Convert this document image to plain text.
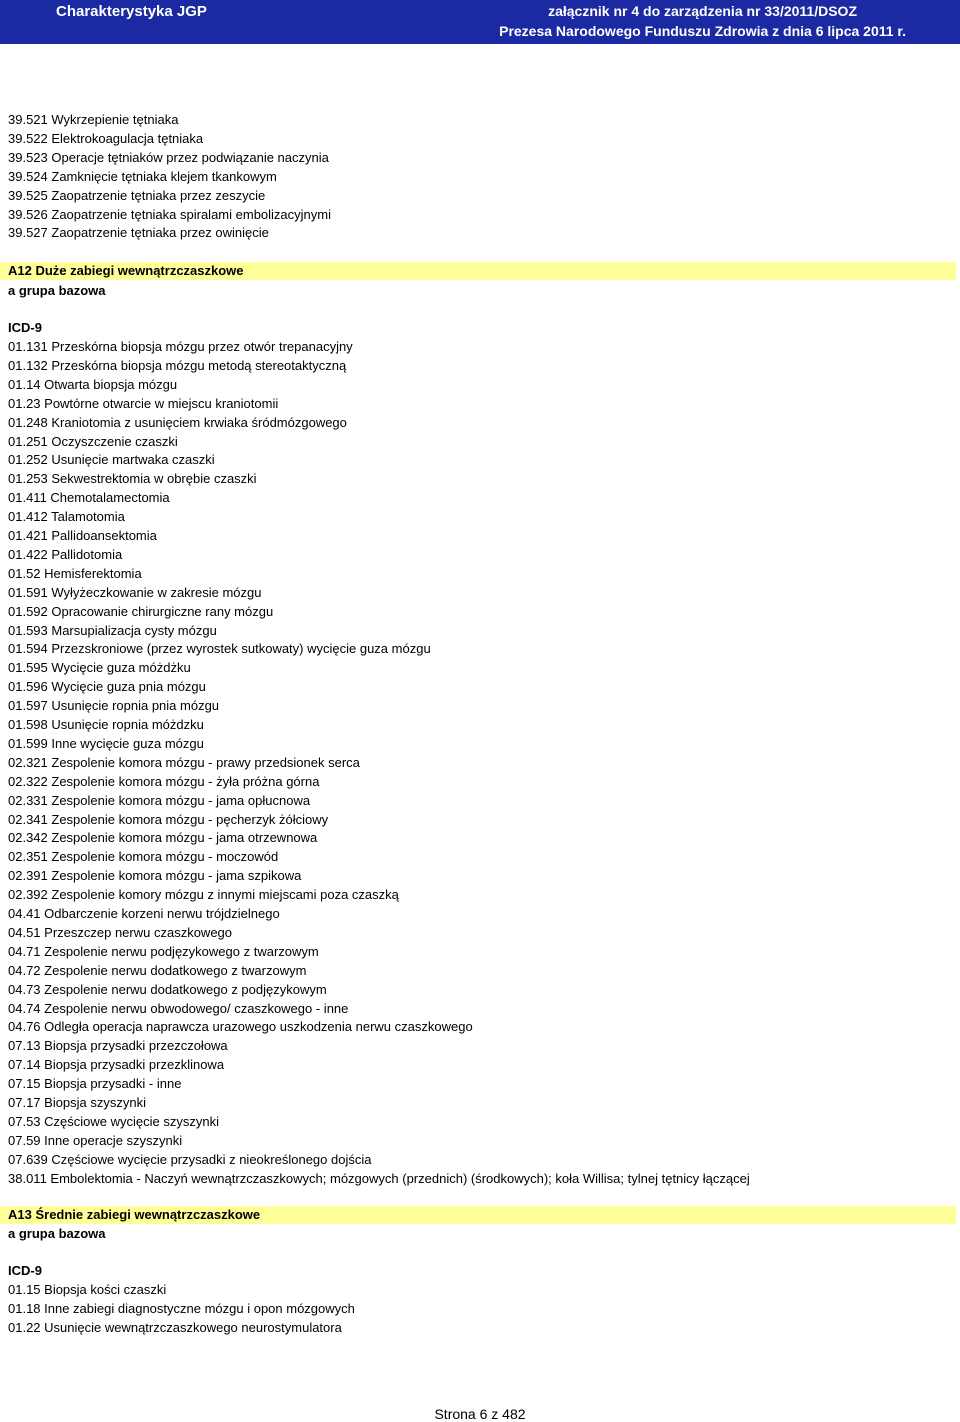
Charakterystyka JGP	załącznik nr 4 do zarządzenia nr 33/2011/DSOZ
Prezesa Narodowego Funduszu Zdrowia z dnia 6 lipca 2011 r.
39.521 Wykrzepienie tętniaka
39.522 Elektrokoagulacja tętniaka
39.523 Operacje tętniaków przez podwiązanie naczynia
39.524 Zamknięcie tętniaka klejem tkankowym
39.525 Zaopatrzenie tętniaka przez zeszycie
39.526 Zaopatrzenie tętniaka spiralami embolizacyjnymi
39.527 Zaopatrzenie tętniaka przez owinięcie
A12 Duże zabiegi wewnątrzczaszkowe
a grupa bazowa
ICD-9
01.131 Przeskórna biopsja mózgu przez otwór trepanacyjny
01.132 Przeskórna biopsja mózgu metodą stereotaktyczną
01.14 Otwarta biopsja mózgu
01.23 Powtórne otwarcie w miejscu kraniotomii
01.248 Kraniotomia z usunięciem krwiaka śródmózgowego
01.251 Oczyszczenie czaszki
01.252 Usunięcie martwaka czaszki
01.253 Sekwestrektomia w obrębie czaszki
01.411 Chemotalamectomia
01.412 Talamotomia
01.421 Pallidoansektomia
01.422 Pallidotomia
01.52 Hemisferektomia
01.591 Wyłyżeczkowanie w zakresie mózgu
01.592 Opracowanie chirurgiczne rany mózgu
01.593 Marsupializacja cysty mózgu
01.594 Przezskroniowe (przez wyrostek sutkowaty) wycięcie guza mózgu
01.595 Wycięcie guza móżdżku
01.596 Wycięcie guza pnia mózgu
01.597 Usunięcie ropnia pnia mózgu
01.598 Usunięcie ropnia móżdzku
01.599 Inne wycięcie guza mózgu
02.321 Zespolenie komora mózgu - prawy przedsionek serca
02.322 Zespolenie komora mózgu - żyła próżna górna
02.331 Zespolenie komora mózgu - jama opłucnowa
02.341 Zespolenie komora mózgu - pęcherzyk żółciowy
02.342 Zespolenie komora mózgu - jama otrzewnowa
02.351 Zespolenie komora mózgu - moczowód
02.391 Zespolenie komora mózgu - jama szpikowa
02.392 Zespolenie komory mózgu z innymi miejscami poza czaszką
04.41 Odbarczenie korzeni nerwu trójdzielnego
04.51 Przeszczep nerwu czaszkowego
04.71 Zespolenie nerwu podjęzykowego z twarzowym
04.72 Zespolenie nerwu dodatkowego z twarzowym
04.73 Zespolenie nerwu dodatkowego z podjęzykowym
04.74 Zespolenie nerwu obwodowego/ czaszkowego - inne
04.76 Odległa operacja naprawcza urazowego uszkodzenia nerwu czaszkowego
07.13 Biopsja przysadki przezczołowa
07.14 Biopsja przysadki przezklinowa
07.15 Biopsja przysadki - inne
07.17 Biopsja szyszynki
07.53 Częściowe wycięcie szyszynki
07.59 Inne operacje szyszynki
07.639 Częściowe wycięcie przysadki z nieokreślonego dojścia
38.011 Embolektomia - Naczyń wewnątrzczaszkowych; mózgowych (przednich) (środkowych); koła Willisa; tylnej tętnicy łączącej
A13 Średnie zabiegi wewnątrzczaszkowe
a grupa bazowa
ICD-9
01.15 Biopsja kości czaszki
01.18 Inne zabiegi diagnostyczne mózgu i opon mózgowych
01.22 Usunięcie wewnątrzczaszkowego neurostymulatora
Strona 6 z 482
